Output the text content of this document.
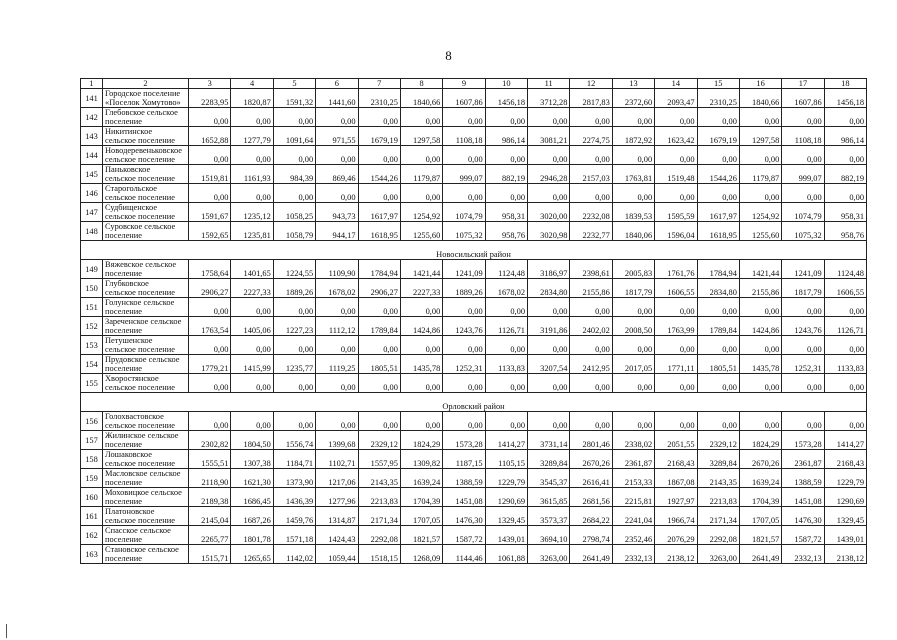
8
1	2	3	4	5	6	7	8	9	10	11	12	13	14	15	16	17	18
141	Городское поселение
«Поселок Хомутово»	2283,95	1820,87	1591,32	1441,60	2310,25	1840,66	1607,86	1456,18	3712,28	2817,83	2372,60	2093,47	2310,25	1840,66	1607,86	1456,18
142	Глебовское сельское
поселение	0,00	0,00	0,00	0,00	0,00	0,00	0,00	0,00	0,00	0,00	0,00	0,00	0,00	0,00	0,00	0,00
143	Никитинское
сельское поселение	1652,88	1277,79	1091,64	971,55	1679,19	1297,58	1108,18	986,14	3081,21	2274,75	1872,92	1623,42	1679,19	1297,58	1108,18	986,14
144	Новодеревеньковское
сельское поселение	0,00	0,00	0,00	0,00	0,00	0,00	0,00	0,00	0,00	0,00	0,00	0,00	0,00	0,00	0,00	0,00
145	Паньковское
сельское поселение	1519,81	1161,93	984,39	869,46	1544,26	1179,87	999,07	882,19	2946,28	2157,03	1763,81	1519,48	1544,26	1179,87	999,07	882,19
146	Старогольское
сельское поселение	0,00	0,00	0,00	0,00	0,00	0,00	0,00	0,00	0,00	0,00	0,00	0,00	0,00	0,00	0,00	0,00
147	Судбищенское
сельское поселение	1591,67	1235,12	1058,25	943,73	1617,97	1254,92	1074,79	958,31	3020,00	2232,08	1839,53	1595,59	1617,97	1254,92	1074,79	958,31
148	Суровское сельское
поселение	1592,65	1235,81	1058,79	944,17	1618,95	1255,60	1075,32	958,76	3020,98	2232,77	1840,06	1596,04	1618,95	1255,60	1075,32	958,76
Новосильский район																	
149	Вяжевское сельское
поселение	1758,64	1401,65	1224,55	1109,90	1784,94	1421,44	1241,09	1124,48	3186,97	2398,61	2005,83	1761,76	1784,94	1421,44	1241,09	1124,48
150	Глубковское
сельское поселение	2906,27	2227,33	1889,26	1678,02	2906,27	2227,33	1889,26	1678,02	2834,80	2155,86	1817,79	1606,55	2834,80	2155,86	1817,79	1606,55
151	Голунское сельское
поселение	0,00	0,00	0,00	0,00	0,00	0,00	0,00	0,00	0,00	0,00	0,00	0,00	0,00	0,00	0,00	0,00
152	Зареченское сельское
поселение	1763,54	1405,06	1227,23	1112,12	1789,84	1424,86	1243,76	1126,71	3191,86	2402,02	2008,50	1763,99	1789,84	1424,86	1243,76	1126,71
153	Петушенское
сельское поселение	0,00	0,00	0,00	0,00	0,00	0,00	0,00	0,00	0,00	0,00	0,00	0,00	0,00	0,00	0,00	0,00
154	Прудовское сельское
поселение	1779,21	1415,99	1235,77	1119,25	1805,51	1435,78	1252,31	1133,83	3207,54	2412,95	2017,05	1771,11	1805,51	1435,78	1252,31	1133,83
155	Хворостянское
сельское поселение	0,00	0,00	0,00	0,00	0,00	0,00	0,00	0,00	0,00	0,00	0,00	0,00	0,00	0,00	0,00	0,00
Орловский район																	
156	Голохвастовское
сельское поселение	0,00	0,00	0,00	0,00	0,00	0,00	0,00	0,00	0,00	0,00	0,00	0,00	0,00	0,00	0,00	0,00
157	Жилинское сельское
поселение	2302,82	1804,50	1556,74	1399,68	2329,12	1824,29	1573,28	1414,27	3731,14	2801,46	2338,02	2051,55	2329,12	1824,29	1573,28	1414,27
158	Лошаковское
сельское поселение	1555,51	1307,38	1184,71	1102,71	1557,95	1309,82	1187,15	1105,15	3289,84	2670,26	2361,87	2168,43	3289,84	2670,26	2361,87	2168,43
159	Масловское сельское
поселение	2118,90	1621,30	1373,90	1217,06	2143,35	1639,24	1388,59	1229,79	3545,37	2616,41	2153,33	1867,08	2143,35	1639,24	1388,59	1229,79
160	Моховицкое сельское
поселение	2189,38	1686,45	1436,39	1277,96	2213,83	1704,39	1451,08	1290,69	3615,85	2681,56	2215,81	1927,97	2213,83	1704,39	1451,08	1290,69
161	Платоновское
сельское поселение	2145,04	1687,26	1459,76	1314,87	2171,34	1707,05	1476,30	1329,45	3573,37	2684,22	2241,04	1966,74	2171,34	1707,05	1476,30	1329,45
162	Спасское сельское
поселение	2265,77	1801,78	1571,18	1424,43	2292,08	1821,57	1587,72	1439,01	3694,10	2798,74	2352,46	2076,29	2292,08	1821,57	1587,72	1439,01
163	Становское сельское
поселение	1515,71	1265,65	1142,02	1059,44	1518,15	1268,09	1144,46	1061,88	3263,00	2641,49	2332,13	2138,12	3263,00	2641,49	2332,13	2138,12
